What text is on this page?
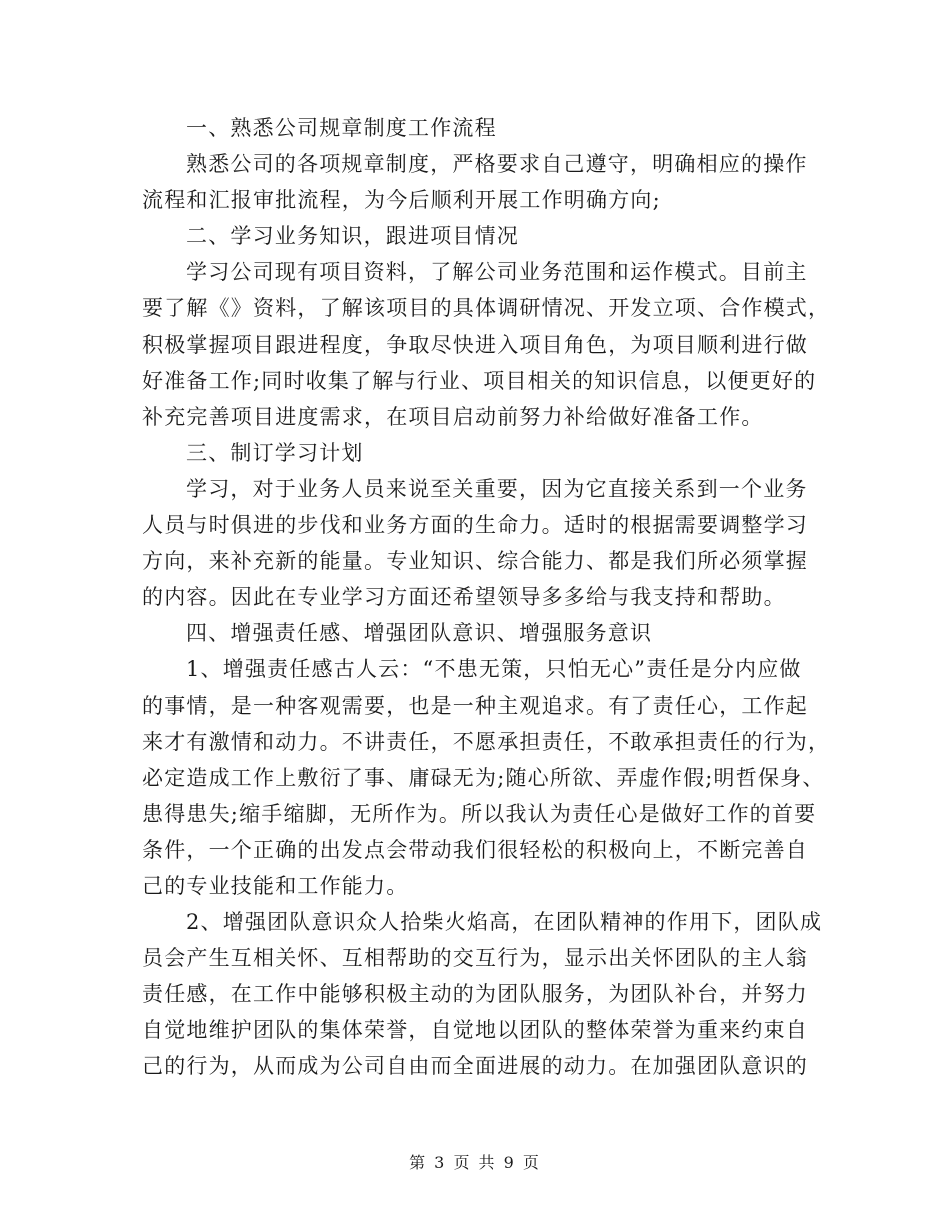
一、熟悉公司规章制度工作流程
熟悉公司的各项规章制度，严格要求自己遵守，明确相应的操作
流程和汇报审批流程，为今后顺利开展工作明确方向;
二、学习业务知识，跟进项目情况
学习公司现有项目资料，了解公司业务范围和运作模式。目前主
要了解《》资料，了解该项目的具体调研情况、开发立项、合作模式，
积极掌握项目跟进程度，争取尽快进入项目角色，为项目顺利进行做
好准备工作;同时收集了解与行业、项目相关的知识信息，以便更好的
补充完善项目进度需求，在项目启动前努力补给做好准备工作。
三、制订学习计划
学习，对于业务人员来说至关重要，因为它直接关系到一个业务
人员与时俱进的步伐和业务方面的生命力。适时的根据需要调整学习
方向，来补充新的能量。专业知识、综合能力、都是我们所必须掌握
的内容。因此在专业学习方面还希望领导多多给与我支持和帮助。
四、增强责任感、增强团队意识、增强服务意识
1、增强责任感古人云：“不患无策，只怕无心”责任是分内应做
的事情，是一种客观需要，也是一种主观追求。有了责任心，工作起
来才有激情和动力。不讲责任，不愿承担责任，不敢承担责任的行为，
必定造成工作上敷衍了事、庸碌无为;随心所欲、弄虚作假;明哲保身、
患得患失;缩手缩脚，无所作为。所以我认为责任心是做好工作的首要
条件，一个正确的出发点会带动我们很轻松的积极向上，不断完善自
己的专业技能和工作能力。
2、增强团队意识众人拾柴火焰高，在团队精神的作用下，团队成
员会产生互相关怀、互相帮助的交互行为，显示出关怀团队的主人翁
责任感，在工作中能够积极主动的为团队服务，为团队补台，并努力
自觉地维护团队的集体荣誉，自觉地以团队的整体荣誉为重来约束自
己的行为，从而成为公司自由而全面进展的动力。在加强团队意识的
第 3 页 共 9 页
